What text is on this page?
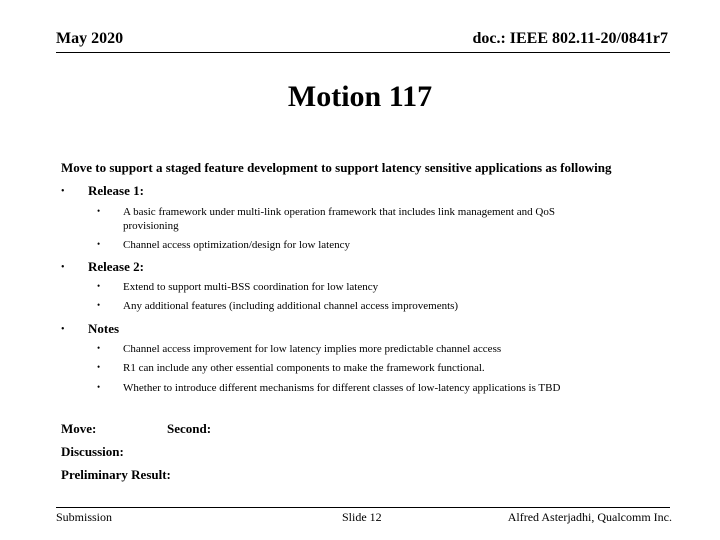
May 2020	doc.: IEEE 802.11-20/0841r7
Motion 117
Move to support a staged feature development to support latency sensitive applications as following
• Release 1:
• A basic framework under multi-link operation framework that includes link management and QoS provisioning
• Channel access optimization/design for low latency
• Release 2:
• Extend to support multi-BSS coordination for low latency
• Any additional features (including additional channel access improvements)
• Notes
• Channel access improvement for low latency implies more predictable channel access
• R1 can include any other essential components to make the framework functional.
• Whether to introduce different mechanisms for different classes of low-latency applications is TBD
Move:	Second:
Discussion:
Preliminary Result:
Submission	Slide 12	Alfred Asterjadhi, Qualcomm Inc.
